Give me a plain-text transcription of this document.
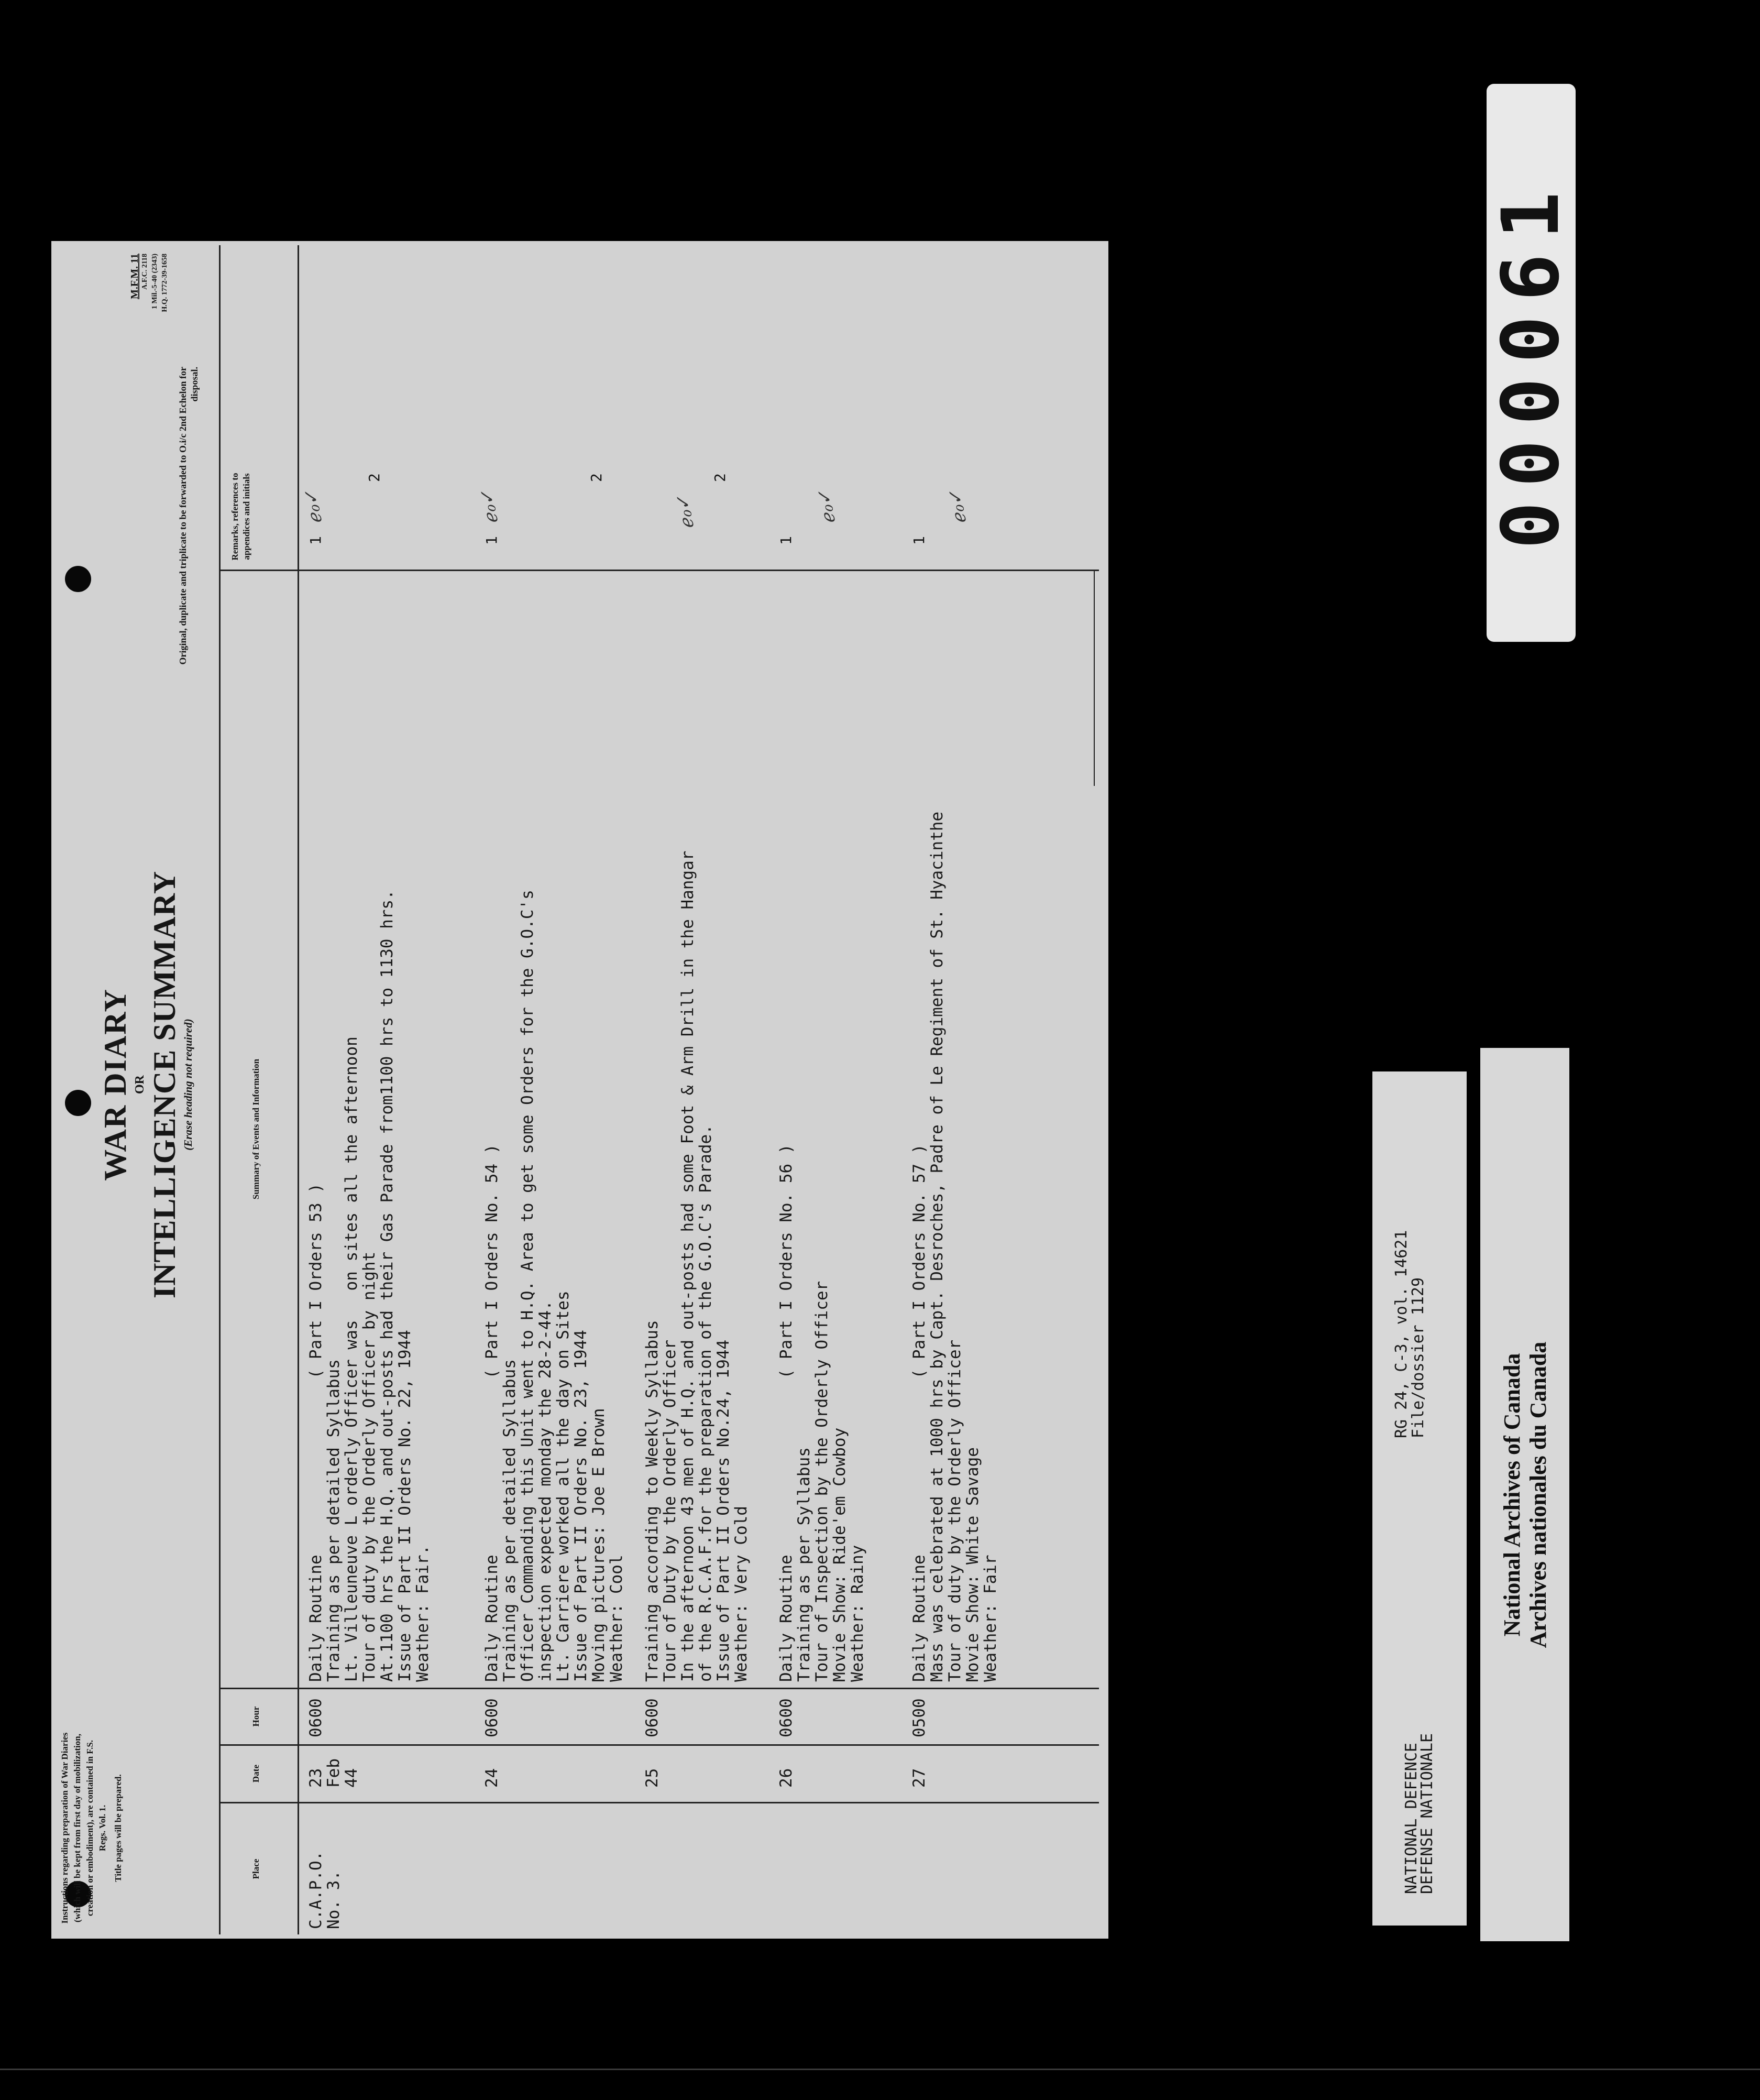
Instructions regarding preparation of War Diaries (which will be kept from first day of mobilization, creation or embodiment), are contained in F.S. Regs. Vol. 1. Title pages will be prepared.
WAR DIARY OR INTELLIGENCE SUMMARY (Erase heading not required)
Original, duplicate and triplicate to be forwarded to O.i/c 2nd Echelon for disposal.
M.F.M. 11 A.F.C. 2118 1 Mil.-5-40 (2343) H.Q. 1772-39-1658
Place
Date
Hour
Summary of Events and Information
Remarks, references to appendices and initials
C.A.P.O.
No. 3.
23
Feb
44
0600
Daily Routine                  ( Part I Orders 53 )
Training as per detailed Syllabus
Lt. Villeuneuve L orderly Officer was   on sites all the afternoon
Tour of duty by the Orderly Officer by night
At.1100 hrs the H.Q. and out-posts had their Gas Parade from1100 hrs to 1130 hrs.
Issue of Part II Orders No. 22, 1944
Weather: Fair.
1
ℯℴ✓
2
24
0600
Daily Routine                  ( Part I Orders No. 54 )
Training as per detailed Syllabus
Officer Commanding this Unit went to H.Q. Area to get some Orders for the G.O.C's
inspection expected monday the 28-2-44.
Lt. Carriere worked all the day on Sites
Issue of Part II Orders No. 23, 1944
Moving pictures: Joe E Brown
Weather: Cool
1
ℯℴ✓
2
25
0600
Training according to Weekly Syllabus
Tour of Duty by the Orderly Officer
In the afternoon 43 men of H.Q. and out-posts had some Foot & Arm Drill in the Hangar
of the R.C.A.F.for the preparation of the G.O.C's Parade.
Issue of Part II Orders No.24, 1944
Weather: Very Cold
ℯℴ✓
2
26
0600
Daily Routine                  ( Part I Orders No. 56 )
Training as per Syllabus
Tour of Inspection by the Orderly Officer
Movie Show: Ride'em Cowboy
Weather: Rainy
1
ℯℴ✓
27
0500
Daily Routine                  ( Part I Orders No. 57 )
Mass was celebrated at 1000 hrs by Capt. Desroches, Padre of Le Regiment of St. Hyacinthe
Tour of duty by the Orderly Officer
Movie Show: White Savage
Weather: Fair
1
ℯℴ✓	000061
NATIONAL DEFENCE
DEFENSE NATIONALE
RG 24, C-3, vol. 14621
File/dossier 1129
National Archives of Canada
Archives nationales du Canada
